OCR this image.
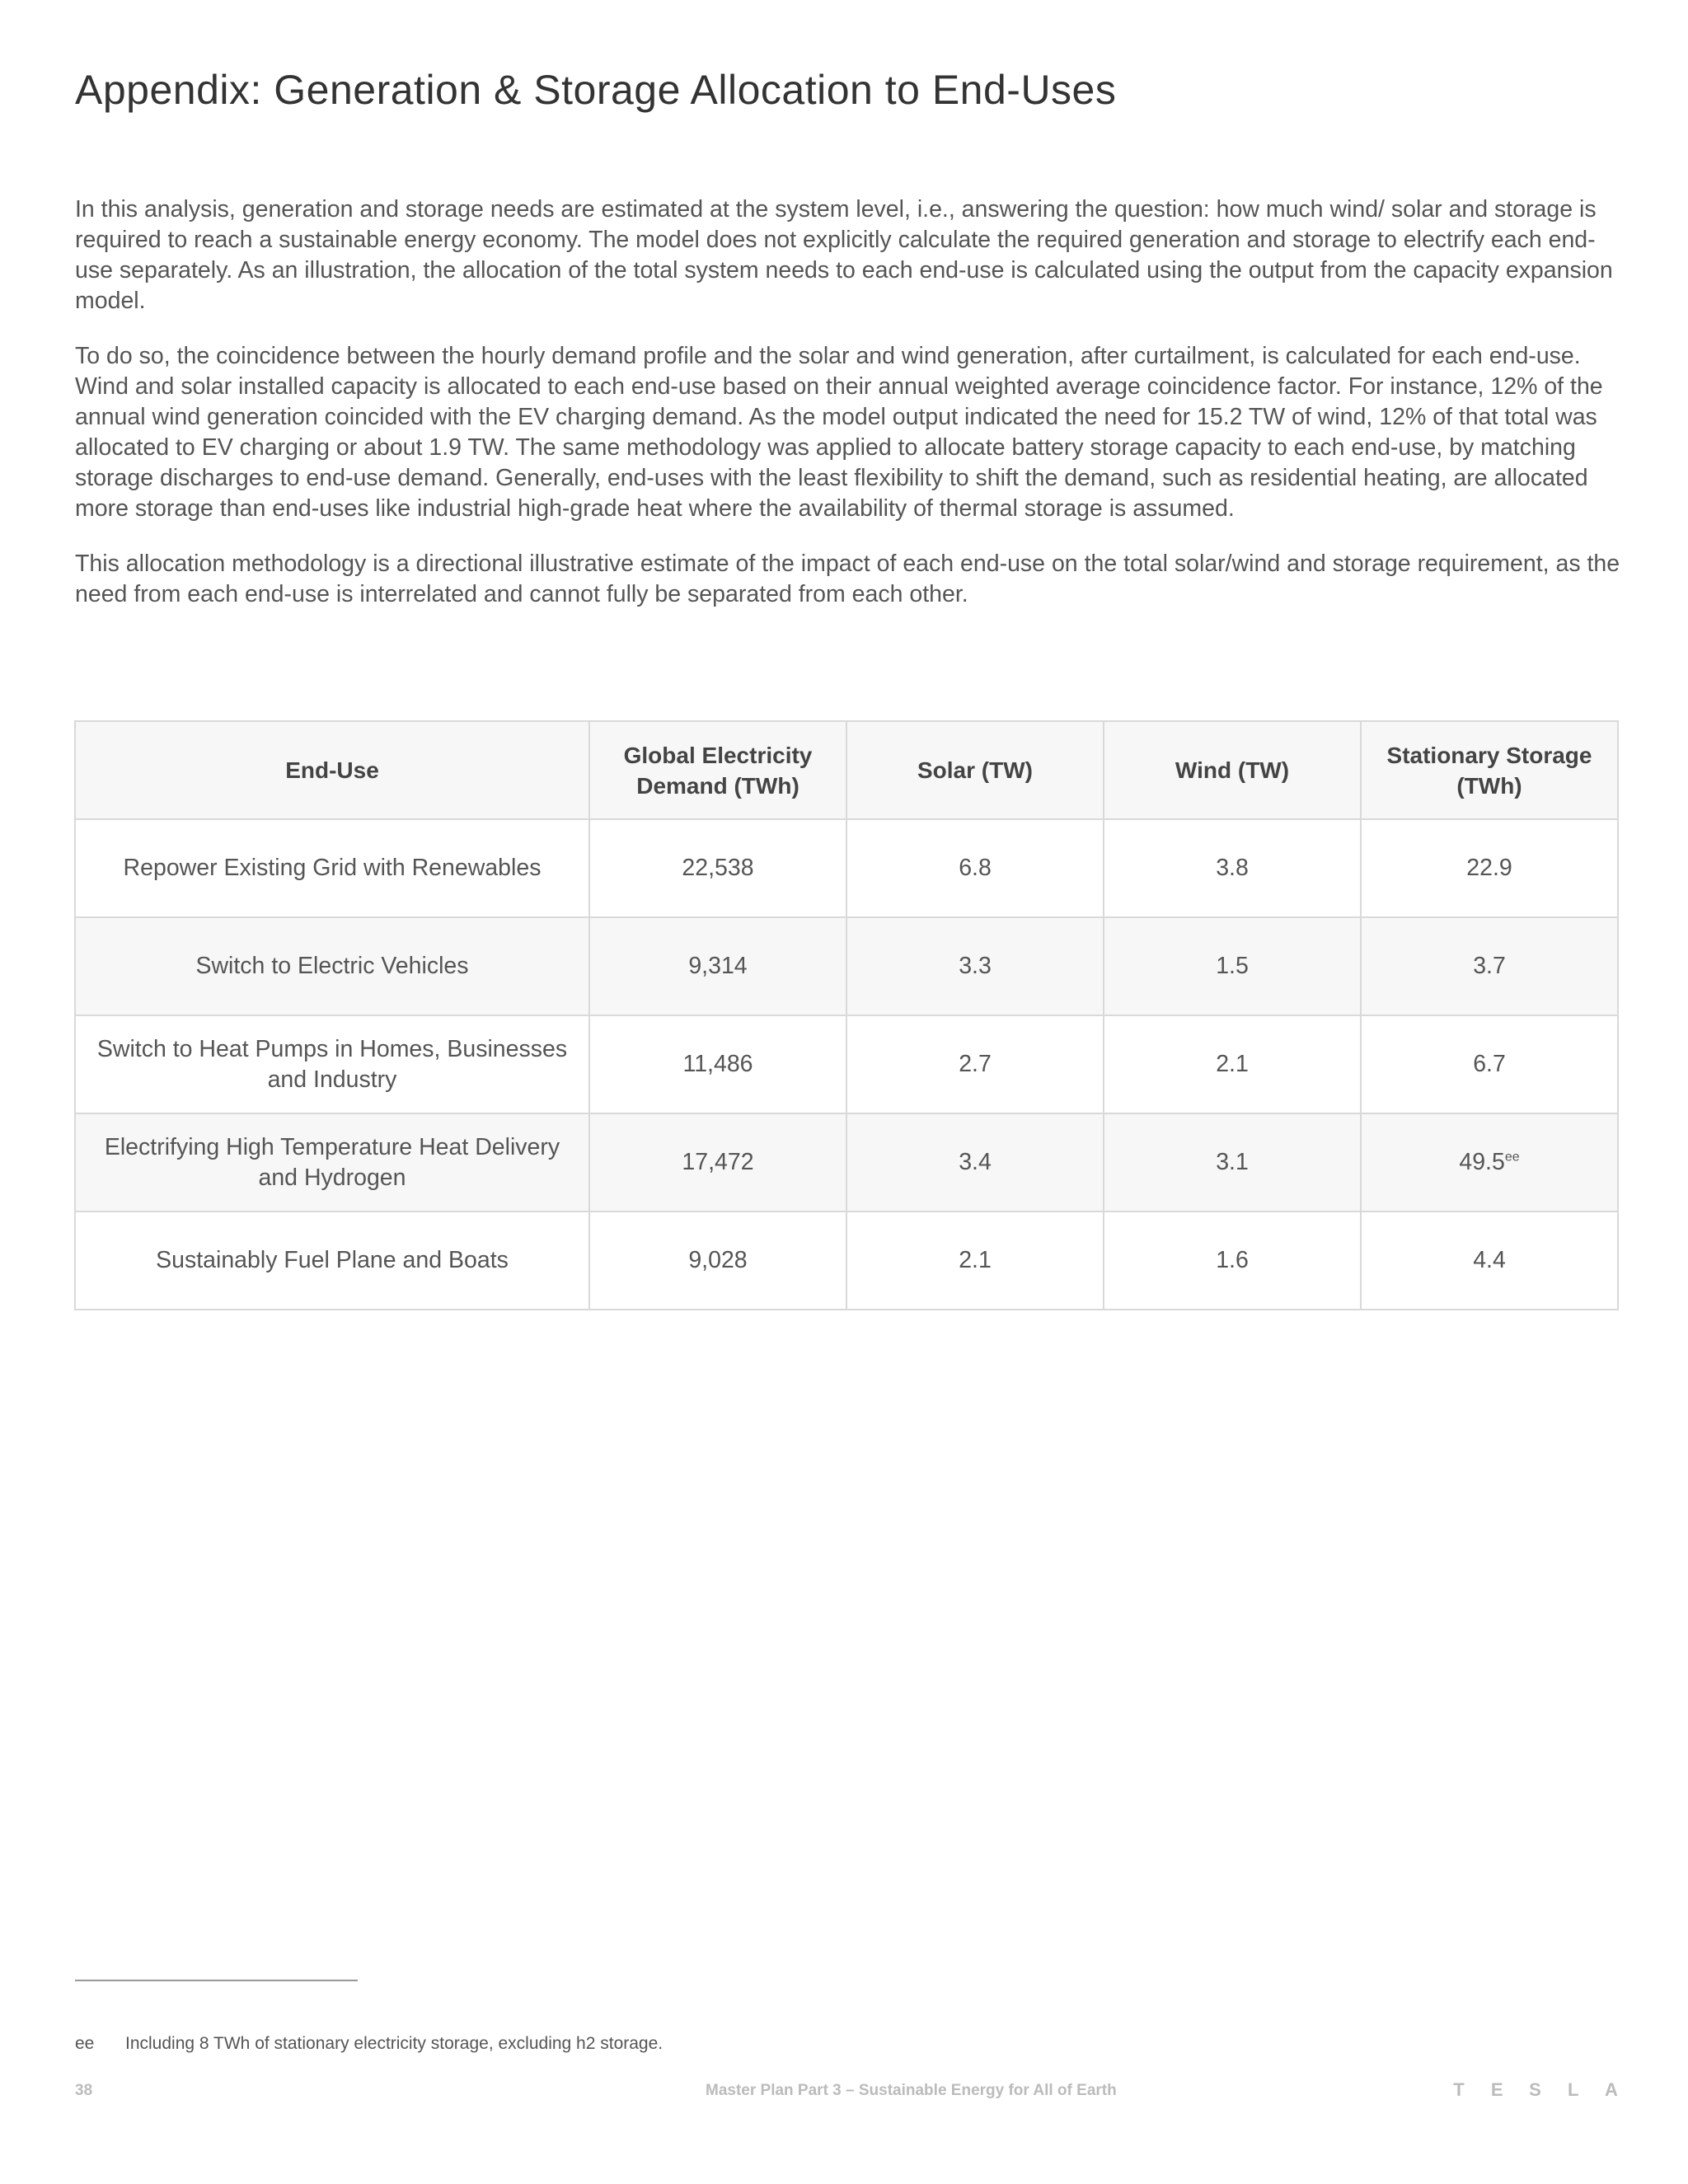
Appendix: Generation & Storage Allocation to End-Uses

In this analysis, generation and storage needs are estimated at the system level, i.e., answering the question: how much wind/ solar and storage is required to reach a sustainable energy economy. The model does not explicitly calculate the required generation and storage to electrify each end-use separately. As an illustration, the allocation of the total system needs to each end-use is calculated using the output from the capacity expansion model.

To do so, the coincidence between the hourly demand profile and the solar and wind generation, after curtailment, is calculated for each end-use. Wind and solar installed capacity is allocated to each end-use based on their annual weighted average coincidence factor. For instance, 12% of the annual wind generation coincided with the EV charging demand. As the model output indicated the need for 15.2 TW of wind, 12% of that total was allocated to EV charging or about 1.9 TW. The same methodology was applied to allocate battery storage capacity to each end-use, by matching storage discharges to end-use demand. Generally, end-uses with the least flexibility to shift the demand, such as residential heating, are allocated more storage than end-uses like industrial high-grade heat where the availability of thermal storage is assumed.

This allocation methodology is a directional illustrative estimate of the impact of each end-use on the total solar/wind and storage requirement, as the need from each end-use is interrelated and cannot fully be separated from each other.

End-Use	Global Electricity Demand (TWh)	Solar (TW)	Wind (TW)	Stationary Storage (TWh)
Repower Existing Grid with Renewables	22,538	6.8	3.8	22.9
Switch to Electric Vehicles	9,314	3.3	1.5	3.7
Switch to Heat Pumps in Homes, Businesses and Industry	11,486	2.7	2.1	6.7
Electrifying High Temperature Heat Delivery and Hydrogen	17,472	3.4	3.1	49.5$^{ee}$
Sustainably Fuel Plane and Boats	9,028	2.1	1.6	4.4
ee Including 8 TWh of stationary electricity storage, excluding h2 storage.
38	Master Plan Part 3 – Sustainable Energy for All of Earth	T E S L A
